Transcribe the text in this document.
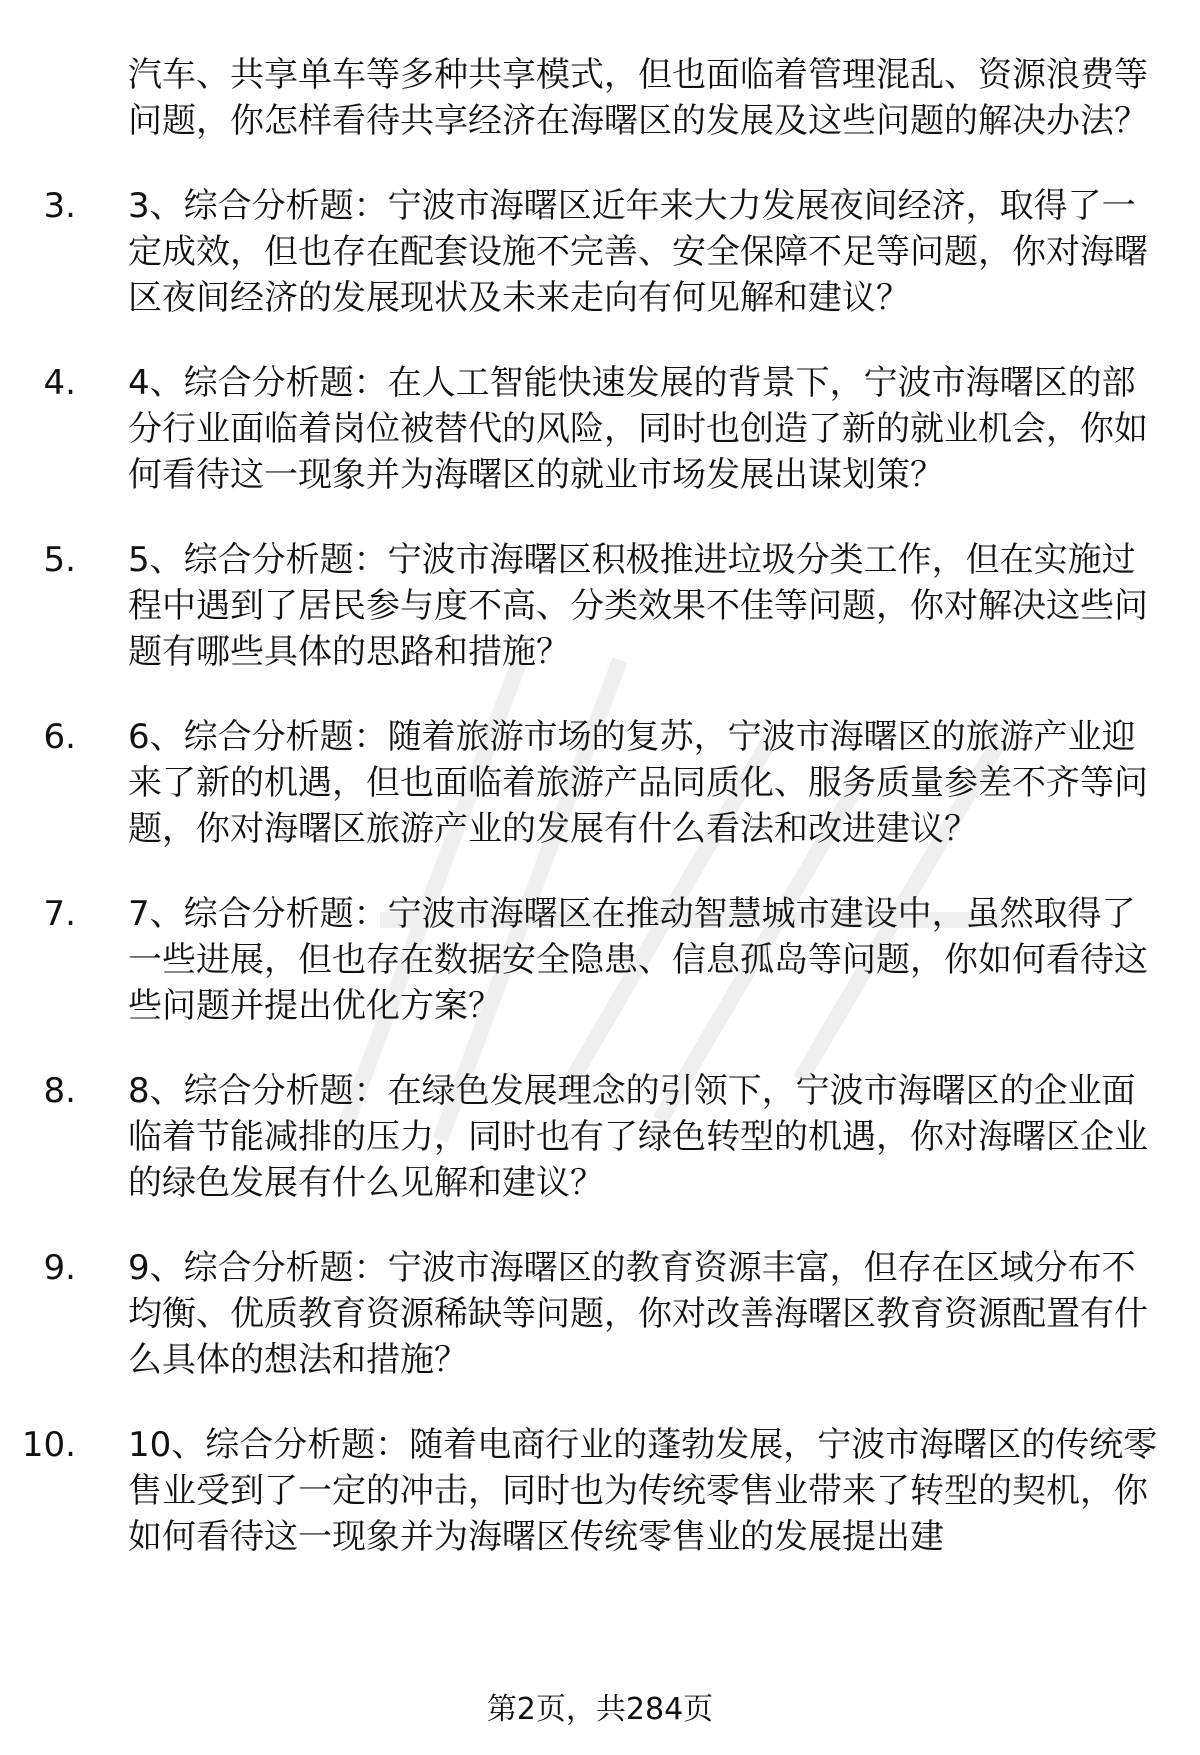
汽车、共享单车等多种共享模式，但也面临着管理混乱、资源浪费等问题，你怎样看待共享经济在海曙区的发展及这些问题的解决办法？
3. 3、综合分析题：宁波市海曙区近年来大力发展夜间经济，取得了一定成效，但也存在配套设施不完善、安全保障不足等问题，你对海曙区夜间经济的发展现状及未来走向有何见解和建议？
4. 4、综合分析题：在人工智能快速发展的背景下，宁波市海曙区的部分行业面临着岗位被替代的风险，同时也创造了新的就业机会，你如何看待这一现象并为海曙区的就业市场发展出谋划策？
5. 5、综合分析题：宁波市海曙区积极推进垃圾分类工作，但在实施过程中遇到了居民参与度不高、分类效果不佳等问题，你对解决这些问题有哪些具体的思路和措施？
6. 6、综合分析题：随着旅游市场的复苏，宁波市海曙区的旅游产业迎来了新的机遇，但也面临着旅游产品同质化、服务质量参差不齐等问题，你对海曙区旅游产业的发展有什么看法和改进建议？
7. 7、综合分析题：宁波市海曙区在推动智慧城市建设中，虽然取得了一些进展，但也存在数据安全隐患、信息孤岛等问题，你如何看待这些问题并提出优化方案？
8. 8、综合分析题：在绿色发展理念的引领下，宁波市海曙区的企业面临着节能减排的压力，同时也有了绿色转型的机遇，你对海曙区企业的绿色发展有什么见解和建议？
9. 9、综合分析题：宁波市海曙区的教育资源丰富，但存在区域分布不均衡、优质教育资源稀缺等问题，你对改善海曙区教育资源配置有什么具体的想法和措施？
10. 10、综合分析题：随着电商行业的蓬勃发展，宁波市海曙区的传统零售业受到了一定的冲击，同时也为传统零售业带来了转型的契机，你如何看待这一现象并为海曙区传统零售业的发展提出建
第2页，共284页
